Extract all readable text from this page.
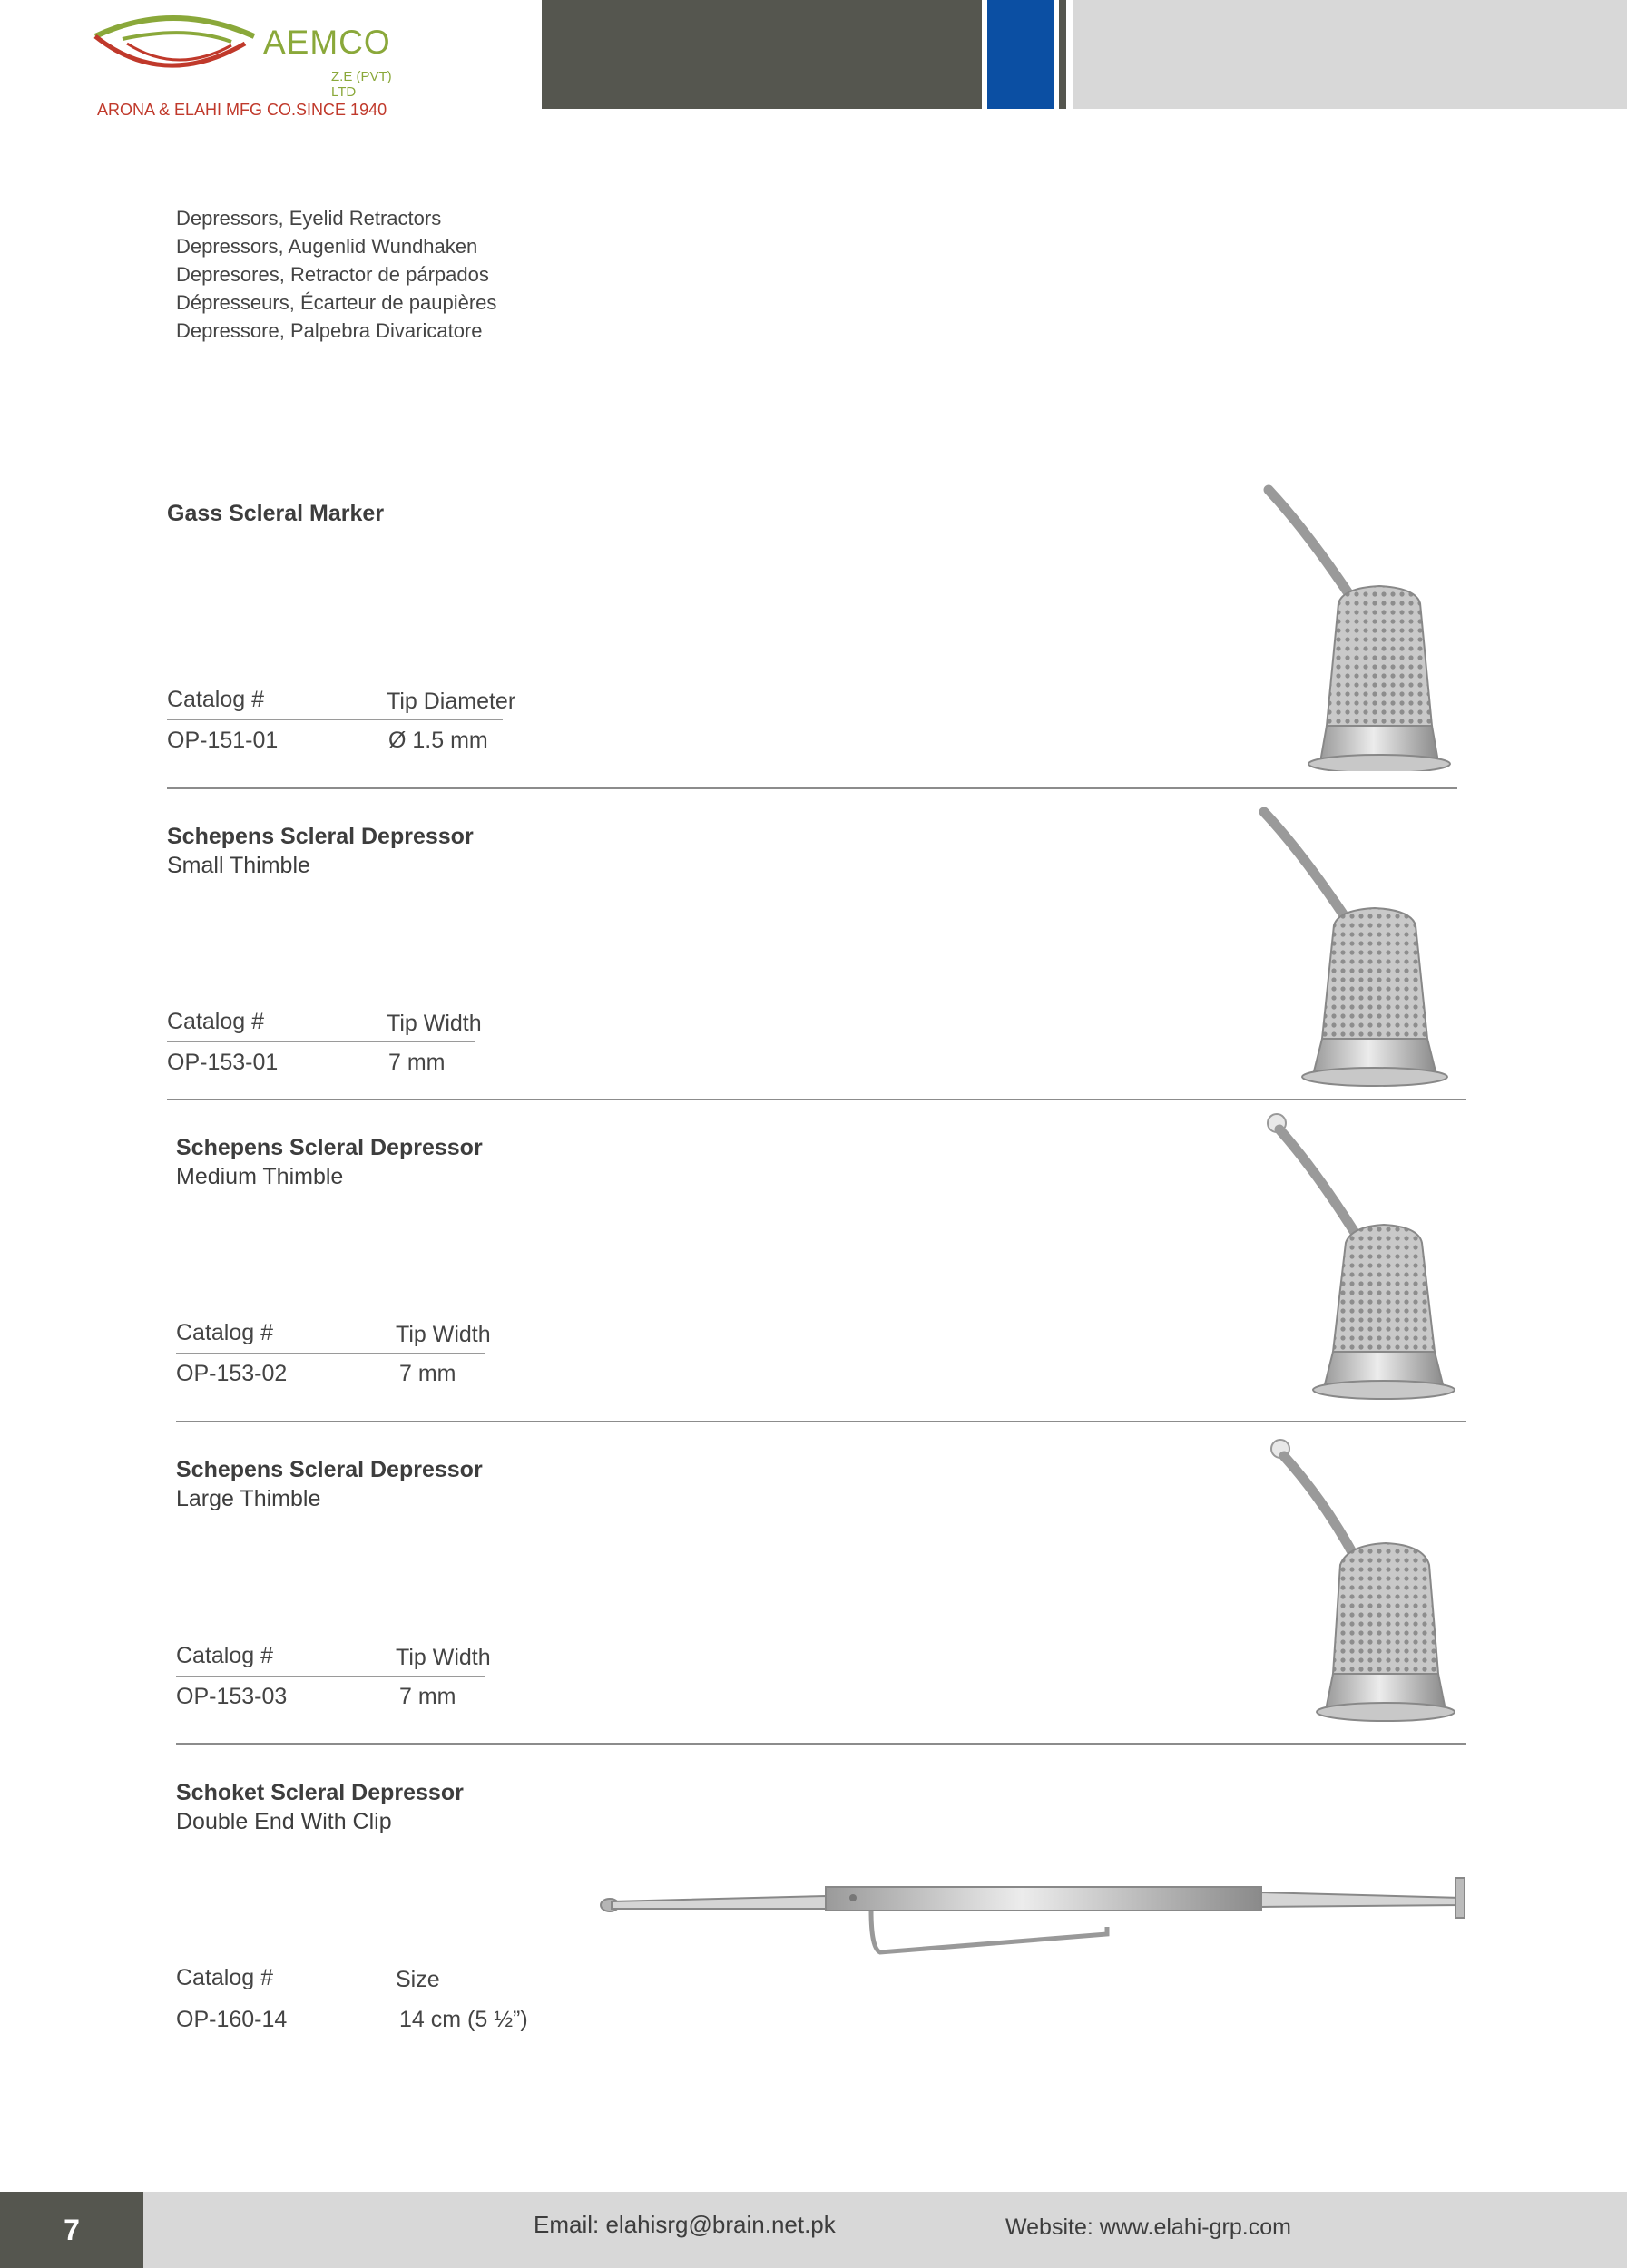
AEMCO
Z.E (PVT) LTD
ARONA & ELAHI MFG CO.SINCE 1940
Depressors, Eyelid Retractors
Depressors, Augenlid Wundhaken
Depresores, Retractor de párpados
Dépresseurs, Écarteur de paupières
Depressore, Palpebra Divaricatore
Gass Scleral Marker
Catalog #	Tip Diameter
OP-151-01	Ø 1.5 mm
Schepens Scleral Depressor
Small Thimble
Catalog #	Tip Width
OP-153-01	7 mm
Schepens Scleral Depressor
Medium Thimble
Catalog #	Tip Width
OP-153-02	7 mm
Schepens Scleral Depressor
Large Thimble
Catalog #	Tip Width
OP-153-03	7 mm
Schoket Scleral Depressor
Double End With Clip
Catalog #	Size
OP-160-14	14 cm (5 ½”)
7	Email: elahisrg@brain.net.pk	Website: www.elahi-grp.com
